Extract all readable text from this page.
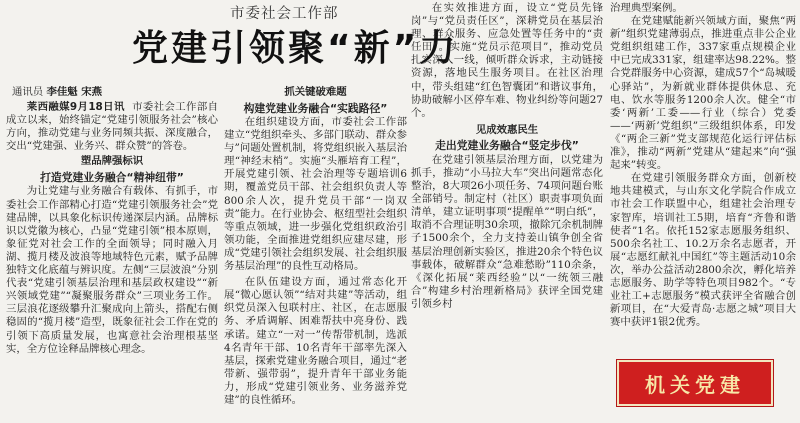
市委社会工作部
党建引领聚“新”力
通讯员 李佳魁 宋燕

莱西融媒9月18日讯 市委社会工作部自成立以来，始终锚定“党建引领服务社会”核心方向，推动党建与业务同频共振、深度融合，交出“党建强、业务兴、群众赞”的答卷。

塑品牌强标识
打造党建业务融合“精神纽带”

为让党建与业务融合有载体、有抓手，市委社会工作部精心打造“党建引领服务社会”党建品牌，以具象化标识传递深层内涵。品牌标识以党徽为核心，凸显“党建引领”根本原则，象征党对社会工作的全面领导；同时融入月湖、揽月楼及波浪等地域特色元素，赋予品牌独特文化底蕴与辨识度。左侧“三层波浪”分别代表“党建引领基层治理和基层政权建设”“新兴领域党建”“凝聚服务群众”三项业务工作。三层浪花逐级攀升汇聚成向上箭头，搭配右侧稳固的“揽月楼”造型，既象征社会工作在党的引领下高质量发展，也寓意社会治理根基坚实，全方位诠释品牌核心理念。

抓关键破难题
构建党建业务融合“实践路径”

在组织建设方面，市委社会工作部建立“党组织牵头、多部门联动、群众参与”问题处置机制，将党组织嵌入基层治理“神经末梢”。实施“头雁培育工程”，开展党建引领、社会治理等专题培训6期，覆盖党员干部、社会组织负责人等800余人次，提升党员干部“一岗双责”能力。在行业协会、枢纽型社会组织等重点领域，进一步强化党组织政治引领功能，全面推进党组织应建尽建，形成“党建引领社会组织发展、社会组织服务基层治理”的良性互动格局。

在队伍建设方面，通过常态化开展“微心愿认领”“结对共建”等活动，组织党员深入包联村庄、社区，在志愿服务、矛盾调解、困难帮扶中亮身份、践承诺。建立“一对一”传帮带机制，选派4名青年干部、10名青年干部率先深入基层，探索党建业务融合项目，通过“老带新、强带弱”，提升青年干部业务能力，形成“党建引领业务、业务滋养党建”的良性循环。

在实效推进方面，设立“党员先锋岗”与“党员责任区”，深耕党员在基层治理、群众服务、应急处置等任务中的“责任田”。实施“党员示范项目”，推动党员扎实深入一线，倾听群众诉求，主动链接资源，落地民生服务项目。在社区治理中，带头组建“红色智囊团”和谐议事角，协助破解小区停车难、物业纠纷等问题27个。

见成效惠民生
走出党建业务融合“竖定步伐”

在党建引领基层治理方面，以党建为抓手，推动“小马拉大车”突出问题常态化整治，8大项26小项任务、74项问题台账全部销号。制定村（社区）职责事项负面清单，建立证明事项“提醒单”“明白纸”，取消不合理证明30余项，撤除冗余机制牌子1500余个，全力支持姜山镇争创全省基层治理创新实验区，推进20余个特色议事载体，破解群众“急难愁盼”110余条，《深化拓展“莱西经验”以“一统领三融合”构建乡村治理新格局》获评全国党建引领乡村

治理典型案例。

在党建赋能新兴领域方面，聚焦“两新”组织党建薄弱点，推进重点非公企业党组织组建工作，337家重点规模企业中已完成331家，组建率达98.22%。整合党群服务中心资源，建成57个“岛城暖心驿站”，为新就业群体提供休息、充电、饮水等服务1200余人次。健全“市委‘两新’工委——行业（综合）党委——‘两新’党组织”三级组织体系，印发《“两企三新”党支部规范化运行评估标准》，推动“两新”党建从“建起来”向“强起来”转变。

在党建引领服务群众方面，创新校地共建模式，与山东文化学院合作成立市社会工作联盟中心，组建社会治理专家智库，培训社工5期，培育“齐鲁和谐使者”1名。依托152家志愿服务组织、500余名社工、10.2万余名志愿者，开展“志愿红献礼中国红”等主题活动10余次，举办公益活动2800余次，孵化培养志愿服务、助学等特色项目982个。“专业社工+志愿服务”模式获评全省融合创新项目，在“大爱青岛·志愿之城”项目大赛中获评1银2优秀。

机关党建
